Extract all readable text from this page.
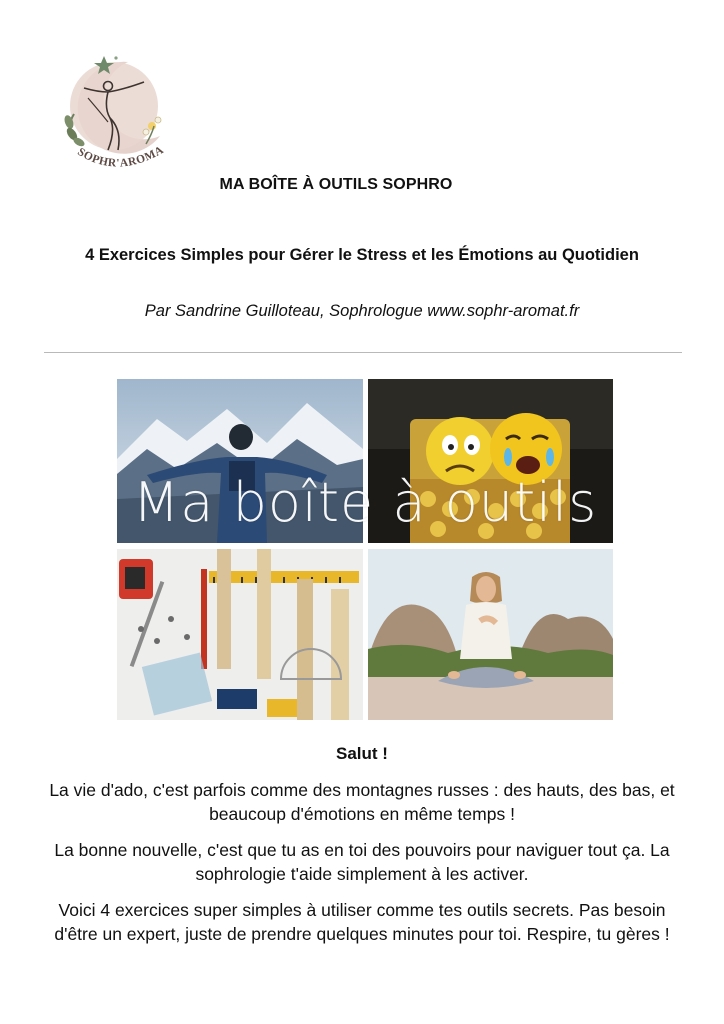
SOPHR'AROMA
MA BOÎTE À OUTILS SOPHRO
4 Exercices Simples pour Gérer le Stress et les Émotions au Quotidien
Par Sandrine Guilloteau, Sophrologue www.sophr-aromat.fr
Ma boîte à outils
Salut !

La vie d'ado, c'est parfois comme des montagnes russes : des hauts, des bas, et beaucoup d'émotions en même temps !

La bonne nouvelle, c'est que tu as en toi des pouvoirs pour naviguer tout ça. La sophrologie t'aide simplement à les activer.

Voici 4 exercices super simples à utiliser comme tes outils secrets. Pas besoin d'être un expert, juste de prendre quelques minutes pour toi. Respire, tu gères !
